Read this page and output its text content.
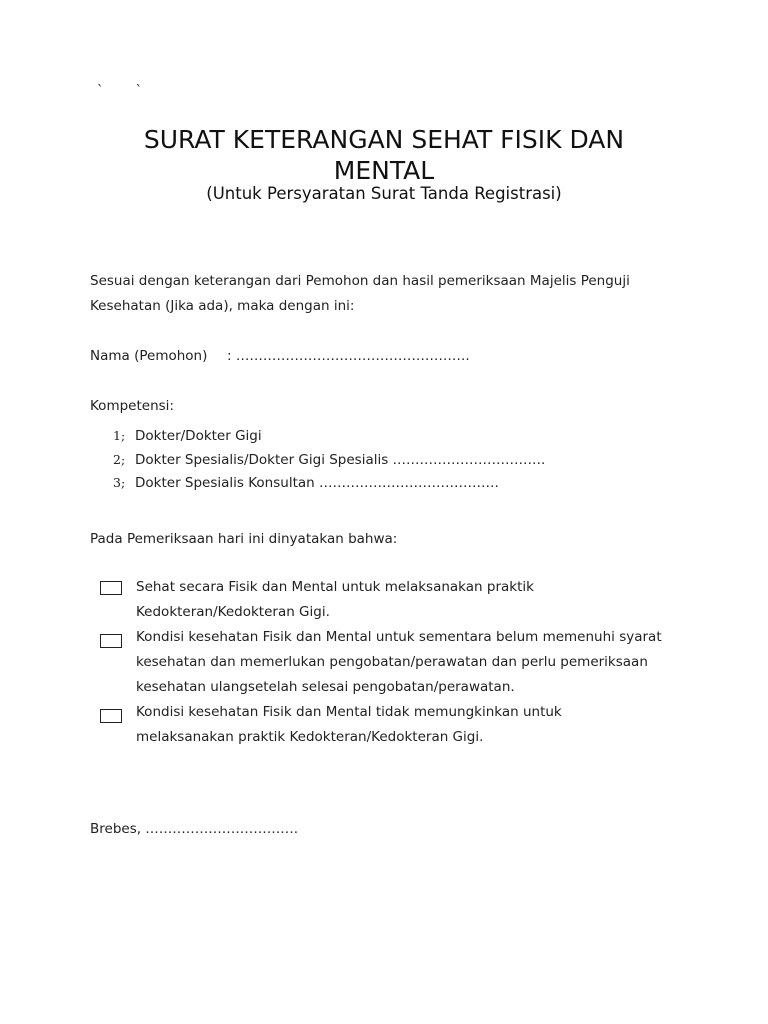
` `
SURAT KETERANGAN SEHAT FISIK DAN
MENTAL
(Untuk Persyaratan Surat Tanda Registrasi)
Sesuai dengan keterangan dari Pemohon dan hasil pemeriksaan Majelis Penguji
Kesehatan (Jika ada), maka dengan ini:
Nama (Pemohon) : …………………………………………….
Kompetensi:
1; Dokter/Dokter Gigi
2; Dokter Spesialis/Dokter Gigi Spesialis …………………………….
3; Dokter Spesialis Konsultan ………………………………….
Pada Pemeriksaan hari ini dinyatakan bahwa:
Sehat secara Fisik dan Mental untuk melaksanakan praktik
Kedokteran/Kedokteran Gigi.
Kondisi kesehatan Fisik dan Mental untuk sementara belum memenuhi syarat
kesehatan dan memerlukan pengobatan/perawatan dan perlu pemeriksaan
kesehatan ulangsetelah selesai pengobatan/perawatan.
Kondisi kesehatan Fisik dan Mental tidak memungkinkan untuk
melaksanakan praktik Kedokteran/Kedokteran Gigi.
Brebes, …………………………….
